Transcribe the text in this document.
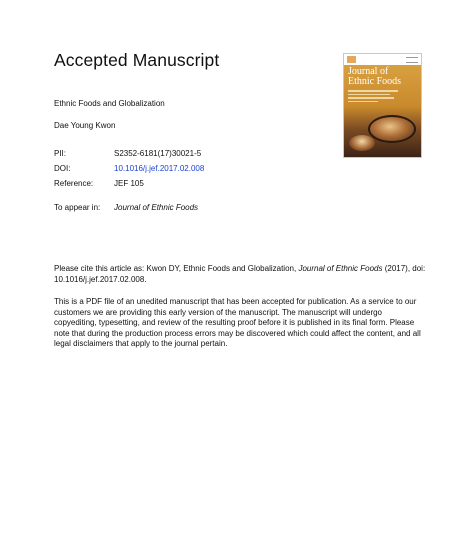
Accepted Manuscript
Journal of
Ethnic Foods
Ethnic Foods and Globalization
Dae Young Kwon
PII:	S2352-6181(17)30021-5
DOI:	10.1016/j.jef.2017.02.008
Reference:	JEF 105
To appear in:	Journal of Ethnic Foods
Please cite this article as: Kwon DY, Ethnic Foods and Globalization, Journal of Ethnic Foods (2017), doi: 10.1016/j.jef.2017.02.008.
This is a PDF file of an unedited manuscript that has been accepted for publication. As a service to our customers we are providing this early version of the manuscript. The manuscript will undergo copyediting, typesetting, and review of the resulting proof before it is published in its final form. Please note that during the production process errors may be discovered which could affect the content, and all legal disclaimers that apply to the journal pertain.
